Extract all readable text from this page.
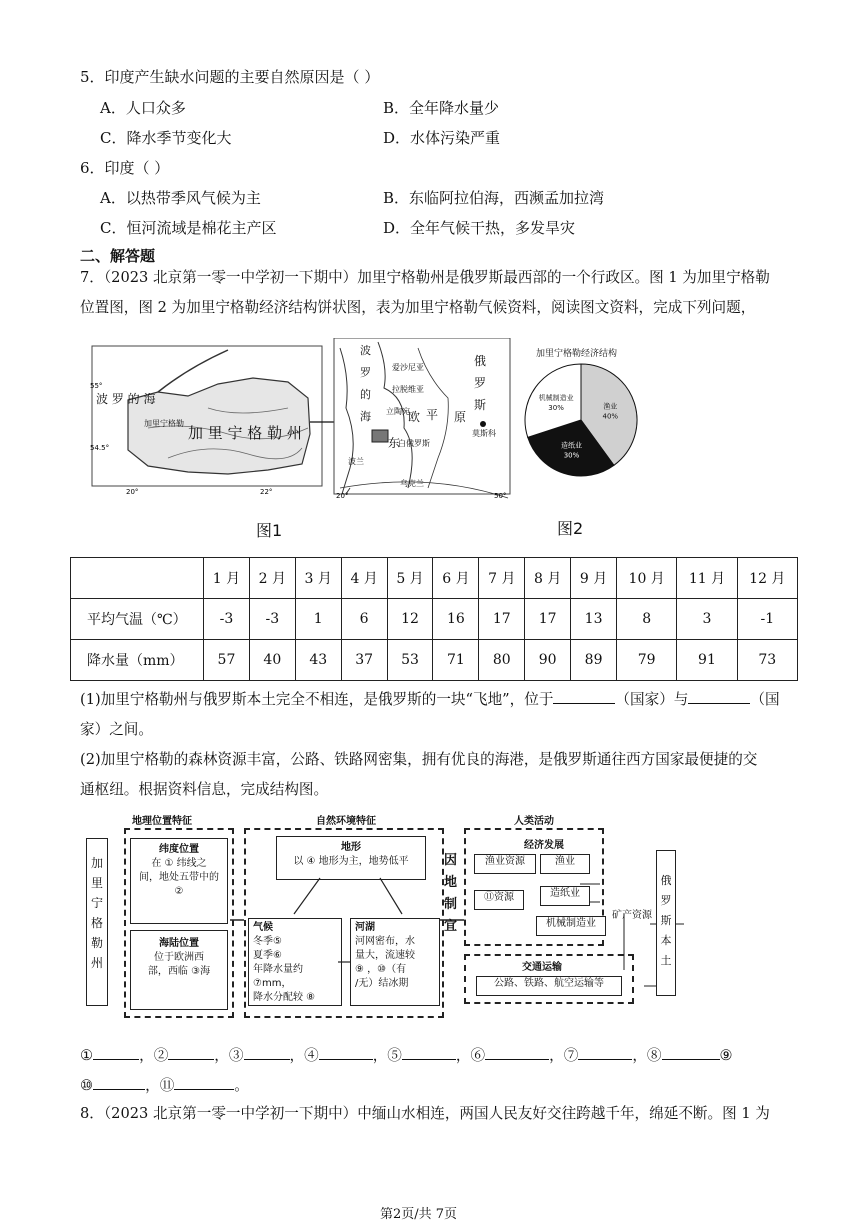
5．印度产生缺水问题的主要自然原因是（ ）
A．人口众多	B．全年降水量少
C．降水季节变化大	D．水体污染严重
6．印度（ ）
A．以热带季风气候为主	B．东临阿拉伯海，西濒孟加拉湾
C．恒河流域是棉花主产区	D．全年气候干热，多发旱灾
二、解答题
7．（2023 北京第一零一中学初一下期中）加里宁格勒州是俄罗斯最西部的一个行政区。图 1 为加里宁格勒
位置图，图 2 为加里宁格勒经济结构饼状图，表为加里宁格勒气候资料，阅读图文资料，完成下列问题，
55°
54.5°
20°	22°	20°	50°
波 罗 的 海
加 里 宁 格 勒 州
加里宁格勒
波
罗
的
海
东
欧 平 原
俄
罗
斯
莫斯科
爱沙尼亚
拉脱维亚
立陶宛
白俄罗斯
波兰
乌克兰
加里宁格勒经济结构
渔业
40%
造纸业
30%
机械制造业
30%
图1	图2
	1 月	2 月	3 月	4 月	5 月	6 月	7 月	8 月	9 月	10 月	11 月	12 月
平均气温（℃）	-3	-3	1	6	12	16	17	17	13	8	3	-1
降水量（mm）	57	40	43	37	53	71	80	90	89	79	91	73
(1)加里宁格勒州与俄罗斯本土完全不相连，是俄罗斯的一块“飞地”，位于	（国家）与	（国
家）之间。
(2)加里宁格勒的森林资源丰富，公路、铁路网密集，拥有优良的海港，是俄罗斯通往西方国家最便捷的交
通枢纽。根据资料信息，完成结构图。
加
里
宁
格
勒
州
地理位置特征
纬度位置
在 ① 纬线之
间，地处五带中的
②
海陆位置
位于欧洲西
部，西临 ③海
自然环境特征
地形
以 ④ 地形为主，地势低平
气候
冬季⑤
夏季⑥
年降水量约⑦mm，
降水分配较 ⑧
河湖
河网密布，水
量大，流速较
⑨ ，⑩（有
/无）结冰期
因
地
制
宜
人类活动
经济发展
渔业资源	渔业
⑪资源	造纸业
机械制造业
矿产资源
交通运输
公路、铁路、航空运输等
俄
罗
斯
本
土
①	，②	，③	，④	，⑤	，⑥	，⑦	，⑧	⑨
⑩	，⑪	。
8．（2023 北京第一零一中学初一下期中）中缅山水相连，两国人民友好交往跨越千年，绵延不断。图 1 为
第2页/共 7页
